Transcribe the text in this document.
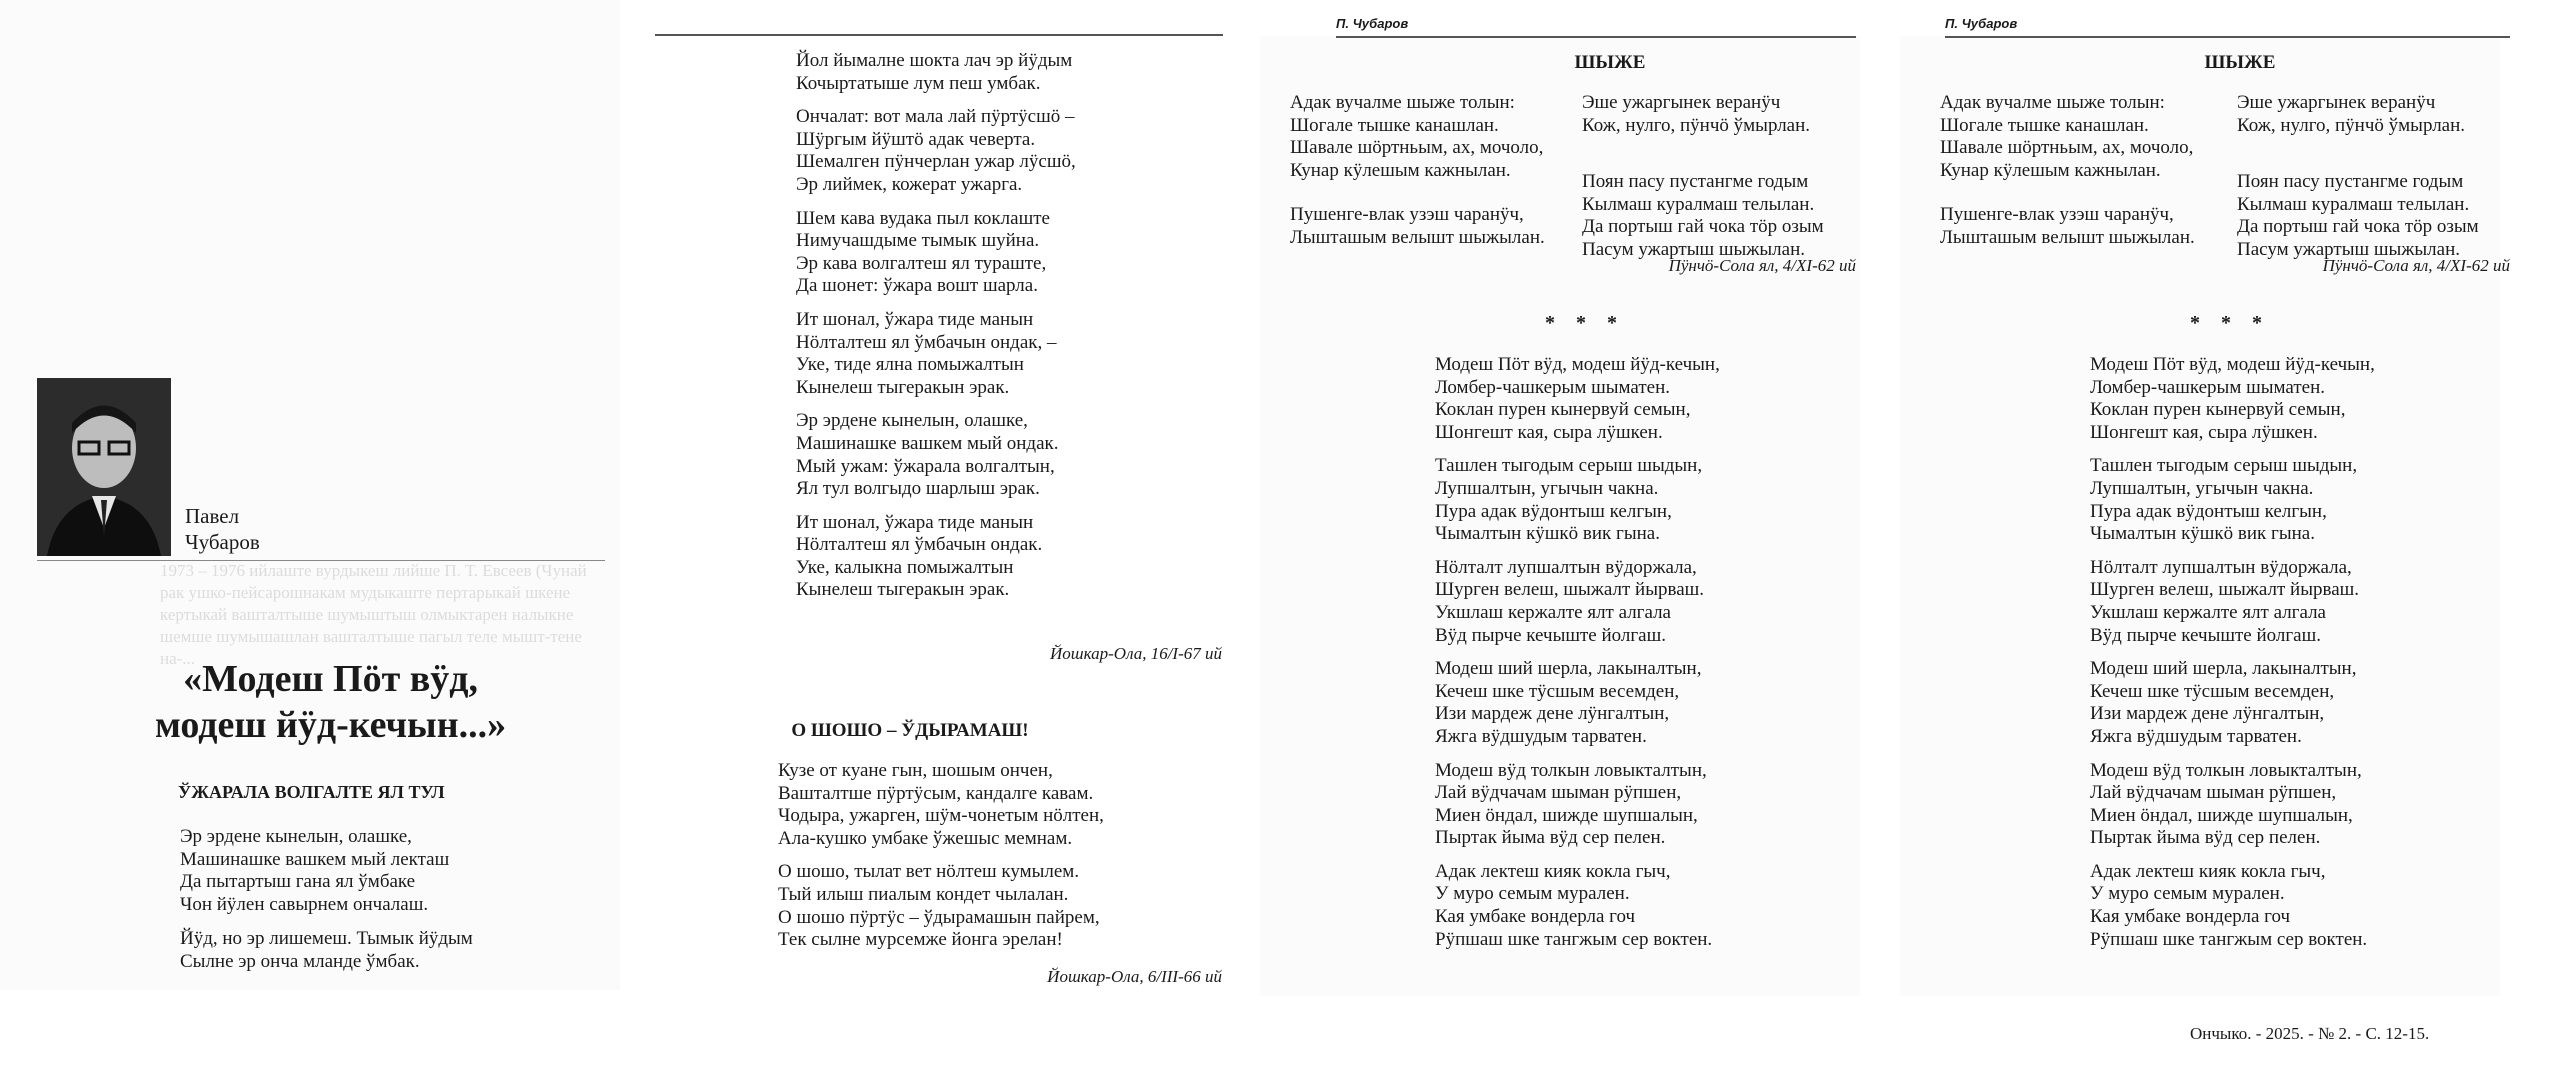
1973 – 1976 ийлаште вурдыкеш лийше П. Т. Евсеев (Чунай рак ушко-пейсарошнакам мудыкаште пертарыкай шкене кертыкай вашталтыше шумыштыш олмыктарен налыкне шемше шумышашлан вашталтыше пагыл теле мышт-тене на-...
Павел
Чубаров
«Модеш Пöт вÿд,
модеш йÿд-кечын...»
ЎЖАРАЛА ВОЛГАЛТЕ ЯЛ ТУЛ
Эр эрдене кынелын, олашке,
Машинашке вашкем мый лекташ
Да пытартыш гана ял ўмбаке
Чон йÿлен савырнем ончалаш.
Йÿд, но эр лишемеш. Тымык йÿдым
Сылне эр онча мланде ўмбак.
Йол йымалне шокта лач эр йÿдым
Кочыртатыше лум пеш умбак.
Ончалат: вот мала лай пÿртÿсшö –
Шÿргым йÿштö адак чеверта.
Шемалген пÿнчерлан ужар лÿсшö,
Эр лиймек, кожерат ужарга.
Шем кава вудака пыл коклаште
Нимучашдыме тымык шуйна.
Эр кава волгалтеш ял тураште,
Да шонет: ўжара вошт шарла.
Ит шонал, ўжара тиде манын
Нöлталтеш ял ўмбачын ондак, –
Уке, тиде ялна помыжалтын
Кынелеш тыгеракын эрак.
Эр эрдене кынелын, олашке,
Машинашке вашкем мый ондак.
Мый ужам: ўжарала волгалтын,
Ял тул волгыдо шарлыш эрак.
Ит шонал, ўжара тиде манын
Нöлталтеш ял ўмбачын ондак.
Уке, калыкна помыжалтын
Кынелеш тыгеракын эрак.
Йошкар-Ола, 16/I-67 ий
О ШОШО – ЎДЫРАМАШ!
Кузе от куане гын, шошым ончен,
Вашталтше пÿртÿсым, кандалге кавам.
Чодыра, ужарген, шÿм-чонетым нöлтен,
Ала-кушко умбаке ўжешыс мемнам.
О шошо, тылат вет нöлтеш кумылем.
Тый илыш пиалым кондет чылалан.
О шошо пÿртÿс – ўдырамашын пайрем,
Тек сылне мурсемже йонга эрелан!
Йошкар-Ола, 6/III-66 ий
П. Чубаров
ШЫЖЕ
Адак вучалме шыже толын:
Шогале тышке канашлан.
Шавале шöртньым, ах, мочоло,
Кунар кÿлешым кажнылан.
Пушенге-влак узэш чаранÿч,
Лышташым велышт шыжылан.
Эше ужаргынек веранÿч
Кож, нулго, пÿнчö ўмырлан.
Поян пасу пустангме годым
Кылмаш куралмаш телылан.
Да портыш гай чока тöр озым
Пасум ужартыш шыжылан.
Пÿнчö-Сола ял, 4/XI-62 ий
* * *
Модеш Пöт вÿд, модеш йÿд-кечын,
Ломбер-чашкерым шыматен.
Коклан пурен кынервуй семын,
Шонгешт кая, сыра лÿшкен.
Ташлен тыгодым серыш шыдын,
Лупшалтын, угычын чакна.
Пура адак вÿдонтыш келгын,
Чымалтын кÿшкö вик гына.
Нöлталт лупшалтын вÿдоржала,
Шурген велеш, шыжалт йырваш.
Укшлаш кержалте ялт алгала
Вÿд пырче кечыште йолгаш.
Модеш ший шерла, лакыналтын,
Кечеш шке тÿсшым весемден,
Изи мардеж дене лÿнгалтын,
Яжга вÿдшудым тарватен.
Модеш вÿд толкын ловыкталтын,
Лай вÿдчачам шыман рÿпшен,
Миен öндал, шижде шупшалын,
Пыртак йыма вÿд сер пелен.
Адак лектеш кияк кокла гыч,
У муро семым мурален.
Кая умбаке вондерла гоч
Рÿпшаш шке тангжым сер воктен.
П. Чубаров
ШЫЖЕ
Адак вучалме шыже толын:
Шогале тышке канашлан.
Шавале шöртньым, ах, мочоло,
Кунар кÿлешым кажнылан.
Пушенге-влак узэш чаранÿч,
Лышташым велышт шыжылан.
Эше ужаргынек веранÿч
Кож, нулго, пÿнчö ўмырлан.
Поян пасу пустангме годым
Кылмаш куралмаш телылан.
Да портыш гай чока тöр озым
Пасум ужартыш шыжылан.
Пÿнчö-Сола ял, 4/XI-62 ий
* * *
Модеш Пöт вÿд, модеш йÿд-кечын,
Ломбер-чашкерым шыматен.
Коклан пурен кынервуй семын,
Шонгешт кая, сыра лÿшкен.
Ташлен тыгодым серыш шыдын,
Лупшалтын, угычын чакна.
Пура адак вÿдонтыш келгын,
Чымалтын кÿшкö вик гына.
Нöлталт лупшалтын вÿдоржала,
Шурген велеш, шыжалт йырваш.
Укшлаш кержалте ялт алгала
Вÿд пырче кечыште йолгаш.
Модеш ший шерла, лакыналтын,
Кечеш шке тÿсшым весемден,
Изи мардеж дене лÿнгалтын,
Яжга вÿдшудым тарватен.
Модеш вÿд толкын ловыкталтын,
Лай вÿдчачам шыман рÿпшен,
Миен öндал, шижде шупшалын,
Пыртак йыма вÿд сер пелен.
Адак лектеш кияк кокла гыч,
У муро семым мурален.
Кая умбаке вондерла гоч
Рÿпшаш шке тангжым сер воктен.
Ончыко. - 2025. - № 2. - С. 12-15.
